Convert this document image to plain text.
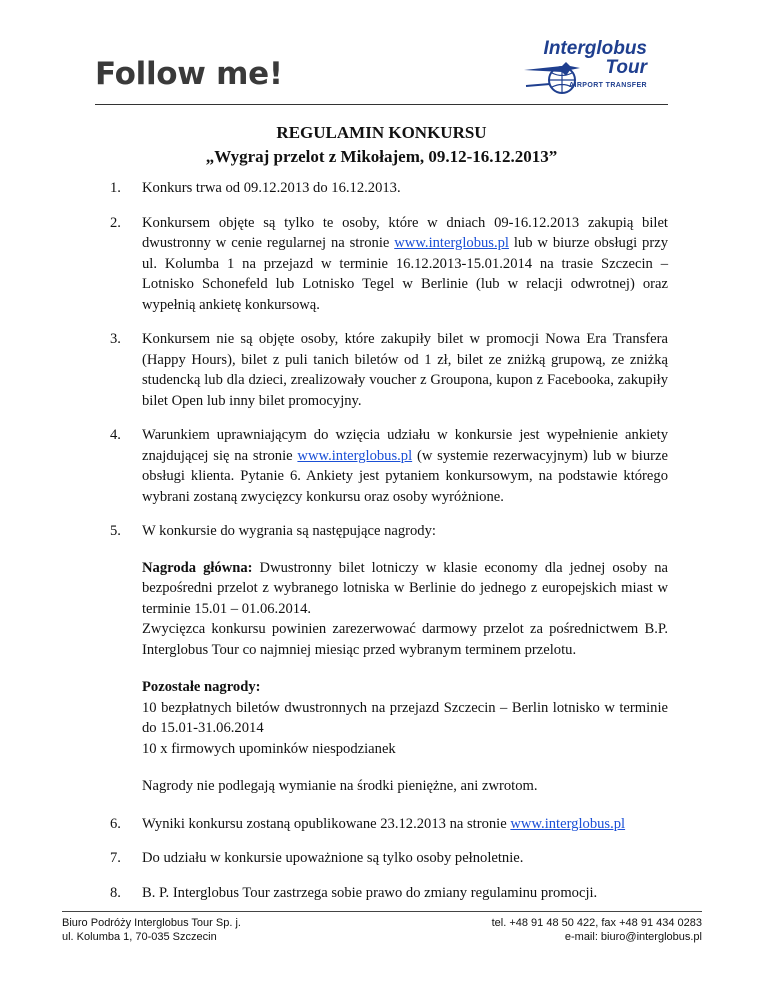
Follow me!
Interglobus
Tour
AIRPORT TRANSFER
REGULAMIN KONKURSU
„Wygraj przelot z Mikołajem, 09.12-16.12.2013”
1.	Konkurs trwa od 09.12.2013 do 16.12.2013.
2.	Konkursem objęte są tylko te osoby, które w dniach 09-16.12.2013 zakupią bilet dwustronny w cenie regularnej na stronie www.interglobus.pl lub w biurze obsługi przy ul. Kolumba 1 na przejazd w terminie 16.12.2013-15.01.2014 na trasie Szczecin – Lotnisko Schonefeld lub Lotnisko Tegel w Berlinie (lub w relacji odwrotnej) oraz wypełnią ankietę konkursową.
3.	Konkursem nie są objęte osoby, które zakupiły bilet w promocji Nowa Era Transfera (Happy Hours), bilet z puli tanich biletów od 1 zł, bilet ze zniżką grupową, ze zniżką studencką lub dla dzieci, zrealizowały voucher z Groupona, kupon z Facebooka, zakupiły bilet Open lub inny bilet promocyjny.
4.	Warunkiem uprawniającym do wzięcia udziału w konkursie jest wypełnienie ankiety znajdującej się na stronie www.interglobus.pl (w systemie rezerwacyjnym) lub w biurze obsługi klienta. Pytanie 6. Ankiety jest pytaniem konkursowym, na podstawie którego wybrani zostaną zwycięzcy konkursu oraz osoby wyróżnione.
5.	W konkursie do wygrania są następujące nagrody:
Nagroda główna: Dwustronny bilet lotniczy w klasie economy dla jednej osoby na bezpośredni przelot z wybranego lotniska w Berlinie do jednego z europejskich miast w terminie 15.01 – 01.06.2014.
Zwycięzca konkursu powinien zarezerwować darmowy przelot za pośrednictwem B.P. Interglobus Tour co najmniej miesiąc przed wybranym terminem przelotu.
Pozostałe nagrody:
10 bezpłatnych biletów dwustronnych na przejazd Szczecin – Berlin lotnisko w terminie do 15.01-31.06.2014
10 x firmowych upominków niespodzianek
Nagrody nie podlegają wymianie na środki pieniężne, ani zwrotom.
6.	Wyniki konkursu zostaną opublikowane 23.12.2013 na stronie www.interglobus.pl
7.	Do udziału w konkursie upoważnione są tylko osoby pełnoletnie.
8.	B. P. Interglobus Tour zastrzega sobie prawo do zmiany regulaminu promocji.
Biuro Podróży Interglobus Tour Sp. j.
ul. Kolumba 1, 70-035 Szczecin
tel. +48 91 48 50 422, fax +48 91 434 0283
e-mail: biuro@interglobus.pl
